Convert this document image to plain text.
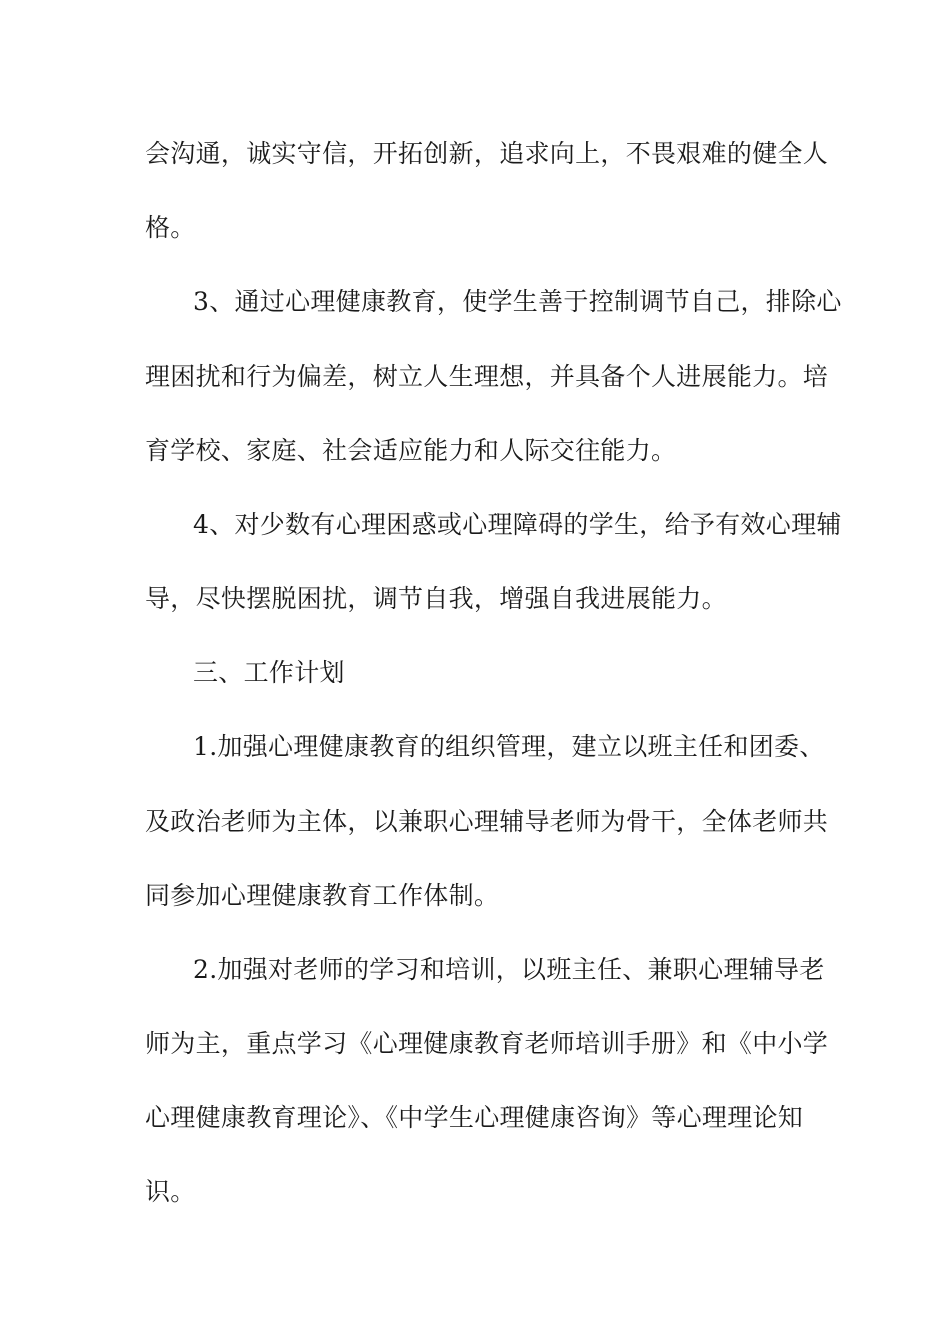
会沟通，诚实守信，开拓创新，追求向上，不畏艰难的健全人
格。
3、通过心理健康教育，使学生善于控制调节自己，排除心
理困扰和行为偏差，树立人生理想，并具备个人进展能力。培
育学校、家庭、社会适应能力和人际交往能力。
4、对少数有心理困惑或心理障碍的学生，给予有效心理辅
导，尽快摆脱困扰，调节自我，增强自我进展能力。
三、工作计划
1.加强心理健康教育的组织管理，建立以班主任和团委、
及政治老师为主体，以兼职心理辅导老师为骨干，全体老师共
同参加心理健康教育工作体制。
2.加强对老师的学习和培训，以班主任、兼职心理辅导老
师为主，重点学习《心理健康教育老师培训手册》和《中小学
心理健康教育理论》、《中学生心理健康咨询》等心理理论知
识。
